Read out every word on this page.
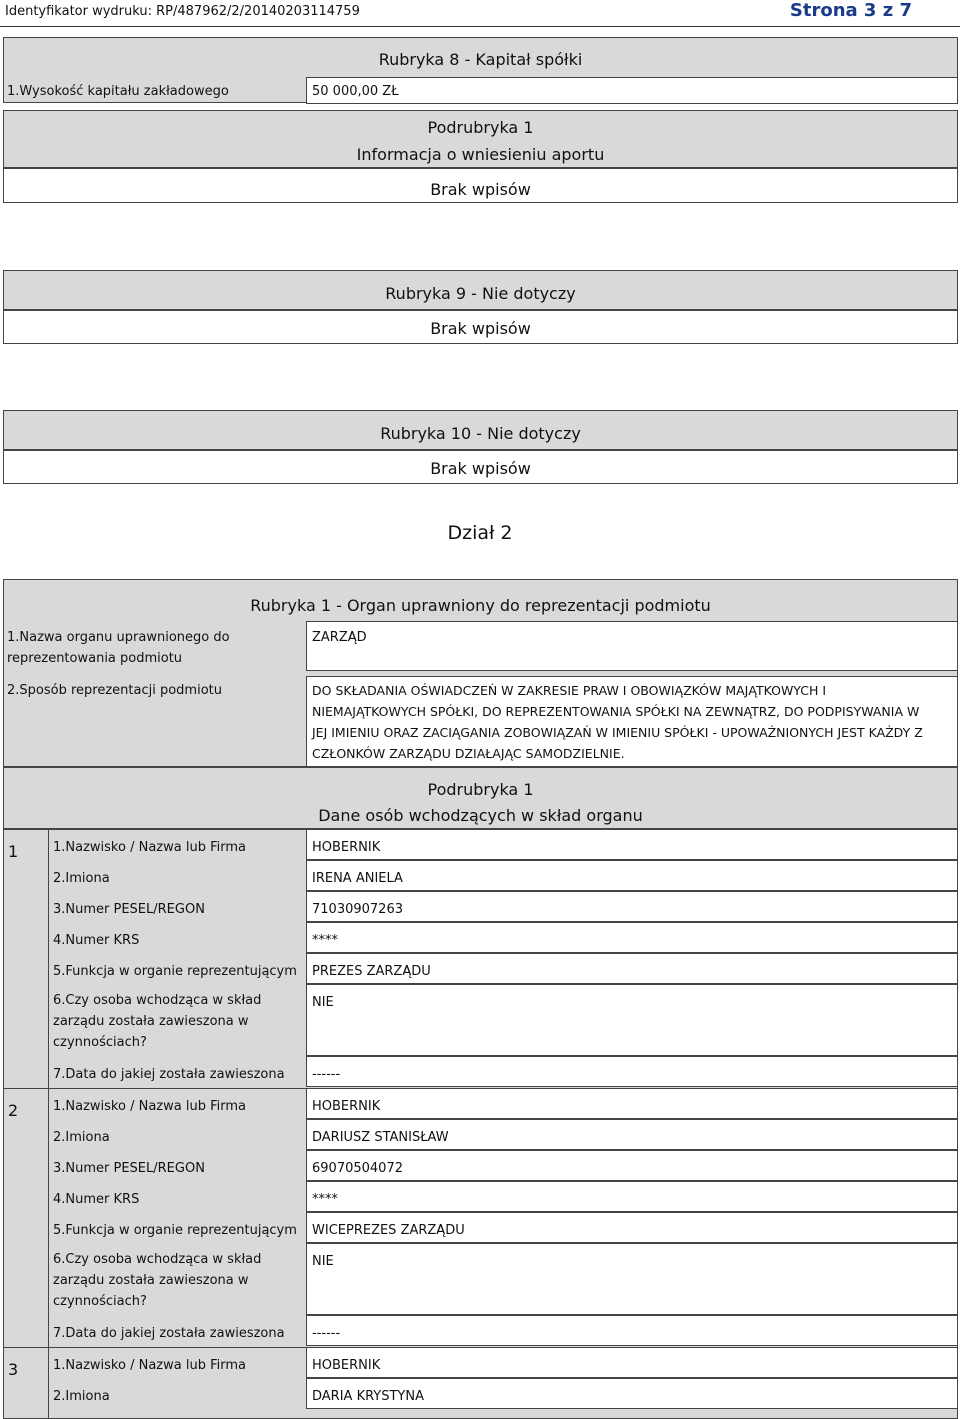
Identyfikator wydruku: RP/487962/2/20140203114759	Strona 3 z 7
Rubryka 8 - Kapitał spółki
1.Wysokość kapitału zakładowego	50 000,00 ZŁ
Podrubryka 1
Informacja o wniesieniu aportu
Brak wpisów
Rubryka 9 - Nie dotyczy
Brak wpisów
Rubryka 10 - Nie dotyczy
Brak wpisów
Dział 2
Rubryka 1 - Organ uprawniony do reprezentacji podmiotu
1.Nazwa organu uprawnionego do reprezentowania podmiotu
ZARZĄD
2.Sposób reprezentacji podmiotu	DO SKŁADANIA OŚWIADCZEŃ W ZAKRESIE PRAW I OBOWIĄZKÓW MAJĄTKOWYCH I NIEMAJĄTKOWYCH SPÓŁKI, DO REPREZENTOWANIA SPÓŁKI NA ZEWNĄTRZ, DO PODPISYWANIA W JEJ IMIENIU ORAZ ZACIĄGANIA ZOBOWIĄZAŃ W IMIENIU SPÓŁKI - UPOWAŻNIONYCH JEST KAŻDY Z CZŁONKÓW ZARZĄDU DZIAŁAJĄC SAMODZIELNIE.
Podrubryka 1
Dane osób wchodzących w skład organu
1	1.Nazwisko / Nazwa lub Firma	HOBERNIK
2.Imiona	IRENA ANIELA
3.Numer PESEL/REGON	71030907263
4.Numer KRS	****
5.Funkcja w organie reprezentującym PREZES ZARZĄDU
6.Czy osoba wchodząca w skład zarządu została zawieszona w czynnościach?
NIE
7.Data do jakiej została zawieszona ------
2	1.Nazwisko / Nazwa lub Firma	HOBERNIK
2.Imiona	DARIUSZ STANISŁAW
3.Numer PESEL/REGON	69070504072
4.Numer KRS	****
5.Funkcja w organie reprezentującym WICEPREZES ZARZĄDU
6.Czy osoba wchodząca w skład zarządu została zawieszona w czynnościach?
NIE
7.Data do jakiej została zawieszona ------
3	1.Nazwisko / Nazwa lub Firma	HOBERNIK
2.Imiona	DARIA KRYSTYNA
